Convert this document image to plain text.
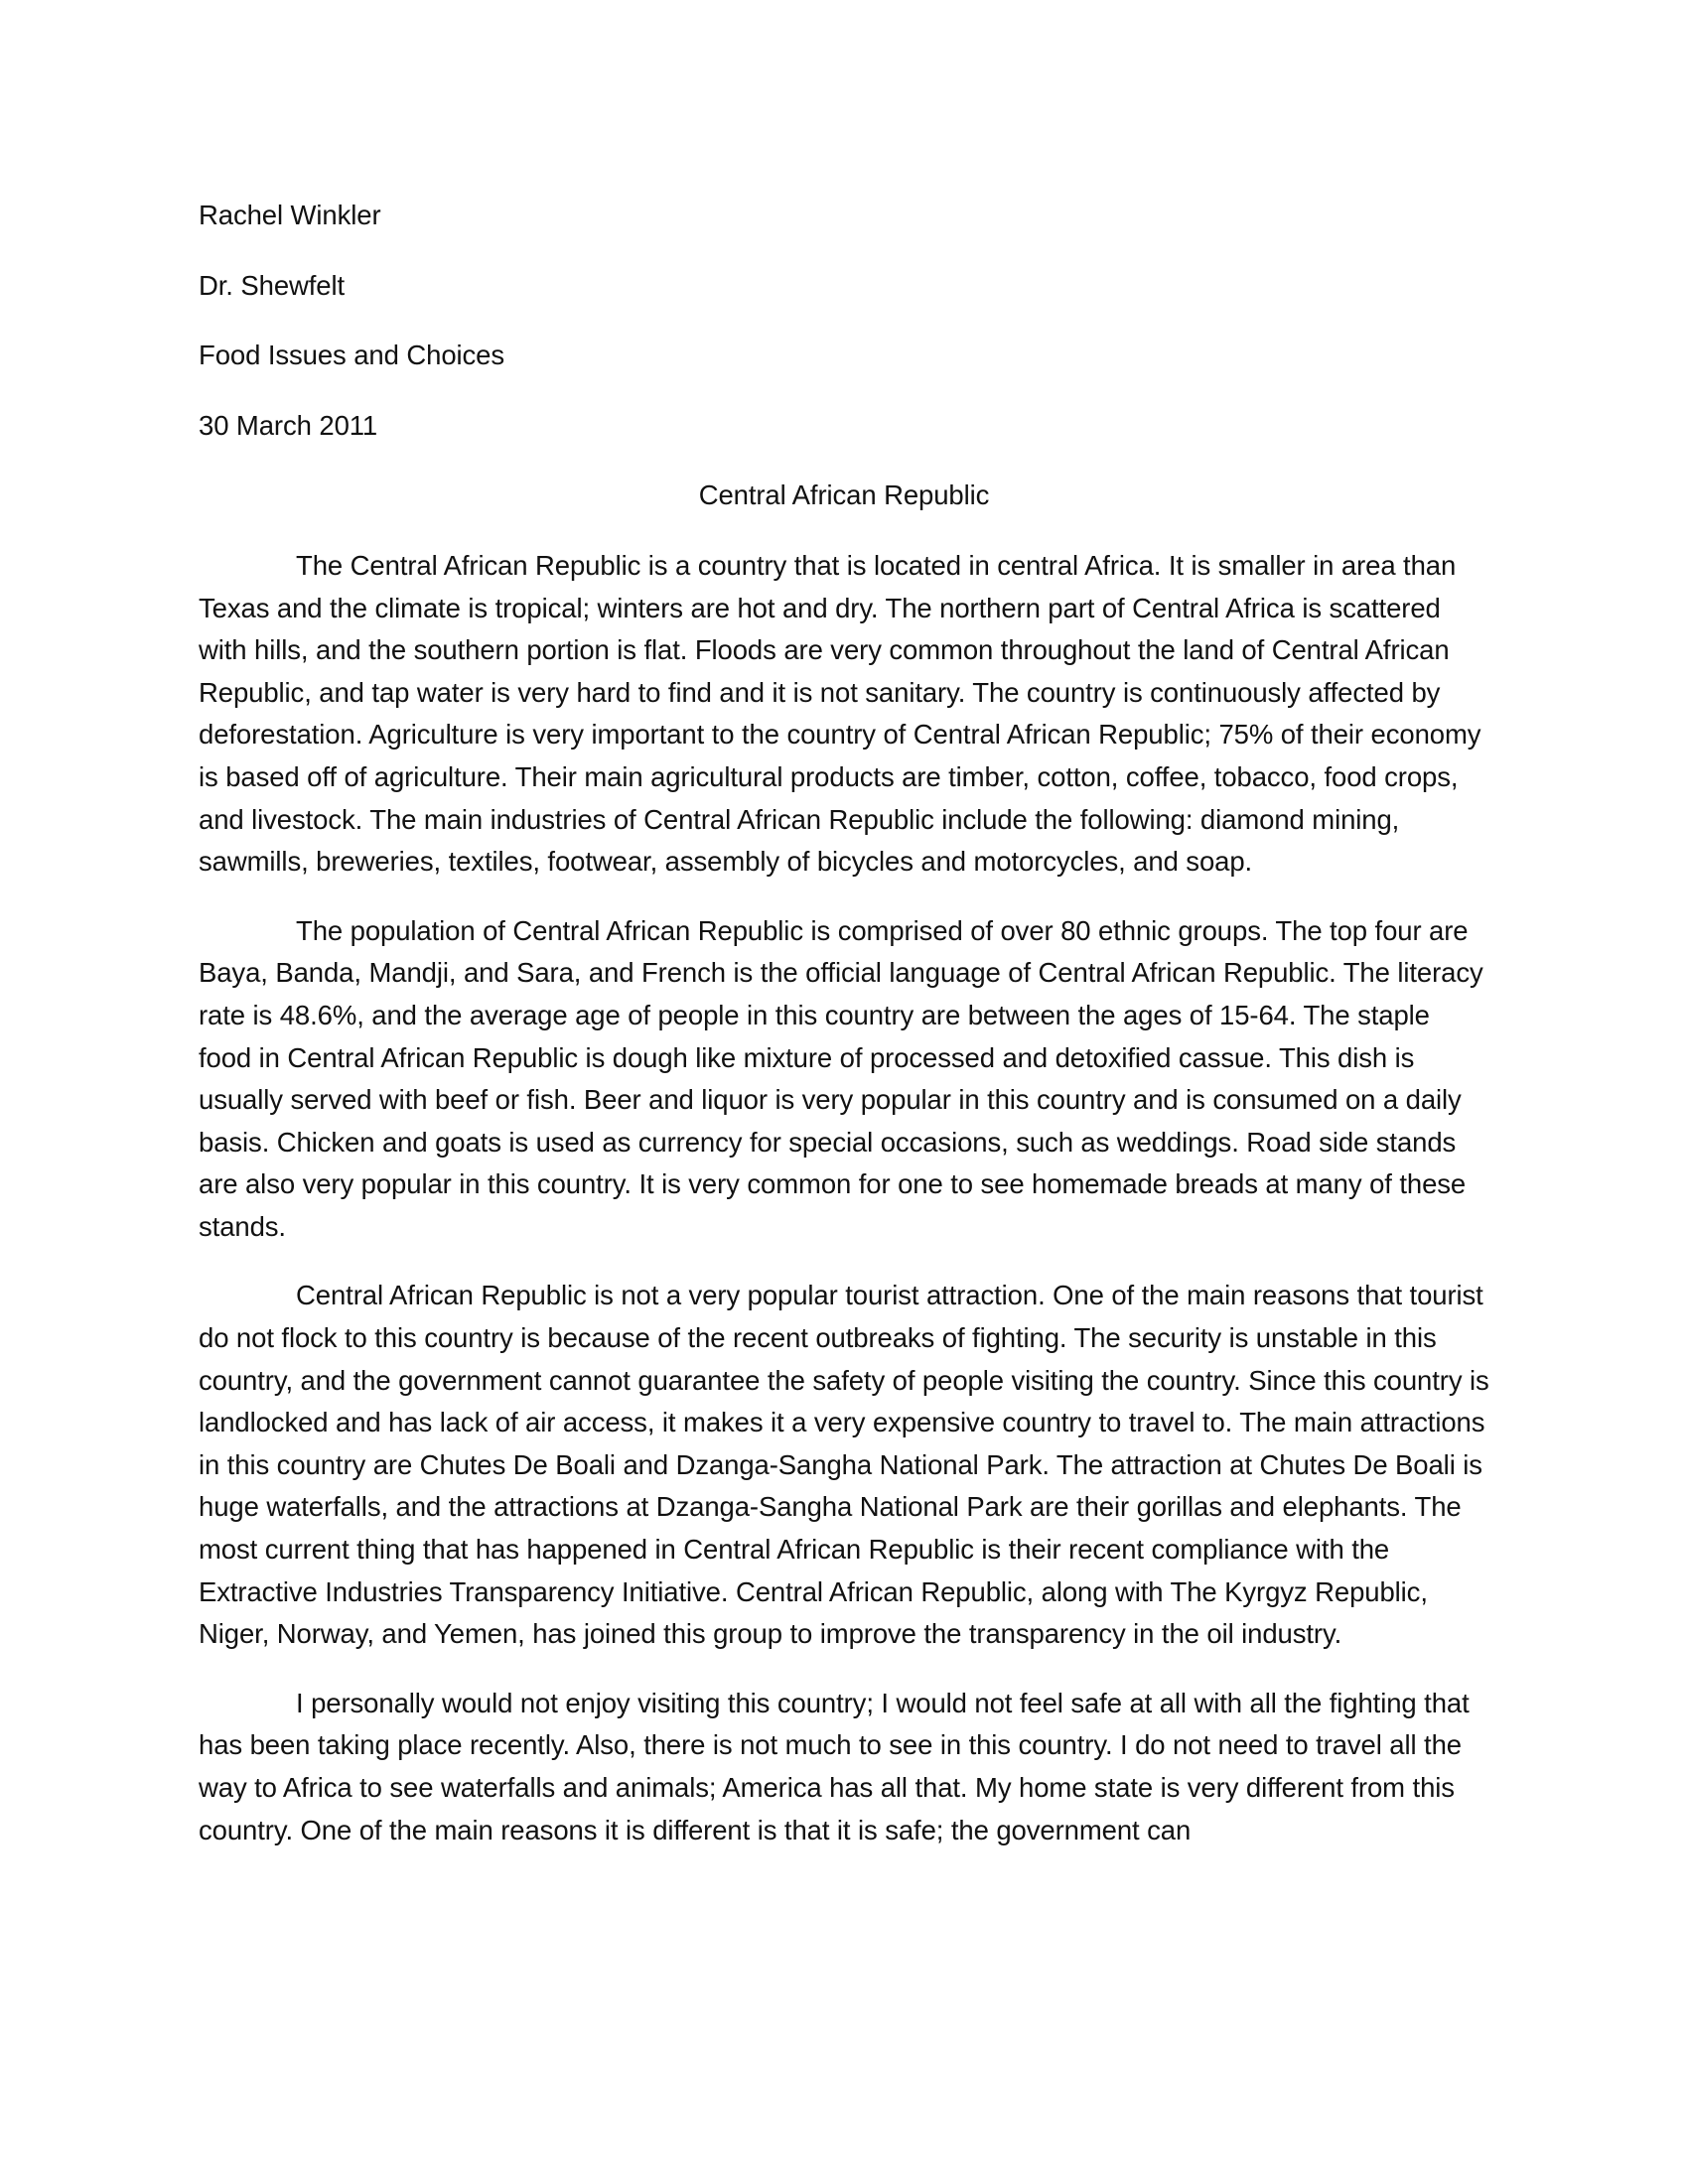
Rachel Winkler
Dr. Shewfelt
Food Issues and Choices
30 March 2011
Central African Republic

The Central African Republic is a country that is located in central Africa. It is smaller in area than Texas and the climate is tropical; winters are hot and dry. The northern part of Central Africa is scattered with hills, and the southern portion is flat. Floods are very common throughout the land of Central African Republic, and tap water is very hard to find and it is not sanitary. The country is continuously affected by deforestation. Agriculture is very important to the country of Central African Republic; 75% of their economy is based off of agriculture. Their main agricultural products are timber, cotton, coffee, tobacco, food crops, and livestock. The main industries of Central African Republic include the following: diamond mining, sawmills, breweries, textiles, footwear, assembly of bicycles and motorcycles, and soap.

The population of Central African Republic is comprised of over 80 ethnic groups. The top four are Baya, Banda, Mandji, and Sara, and French is the official language of Central African Republic. The literacy rate is 48.6%, and the average age of people in this country are between the ages of 15-64. The staple food in Central African Republic is dough like mixture of processed and detoxified cassue. This dish is usually served with beef or fish. Beer and liquor is very popular in this country and is consumed on a daily basis. Chicken and goats is used as currency for special occasions, such as weddings. Road side stands are also very popular in this country. It is very common for one to see homemade breads at many of these stands.

Central African Republic is not a very popular tourist attraction. One of the main reasons that tourist do not flock to this country is because of the recent outbreaks of fighting. The security is unstable in this country, and the government cannot guarantee the safety of people visiting the country. Since this country is landlocked and has lack of air access, it makes it a very expensive country to travel to. The main attractions in this country are Chutes De Boali and Dzanga-Sangha National Park. The attraction at Chutes De Boali is huge waterfalls, and the attractions at Dzanga-Sangha National Park are their gorillas and elephants. The most current thing that has happened in Central African Republic is their recent compliance with the Extractive Industries Transparency Initiative. Central African Republic, along with The Kyrgyz Republic, Niger, Norway, and Yemen, has joined this group to improve the transparency in the oil industry.

I personally would not enjoy visiting this country; I would not feel safe at all with all the fighting that has been taking place recently. Also, there is not much to see in this country. I do not need to travel all the way to Africa to see waterfalls and animals; America has all that. My home state is very different from this country. One of the main reasons it is different is that it is safe; the government can
